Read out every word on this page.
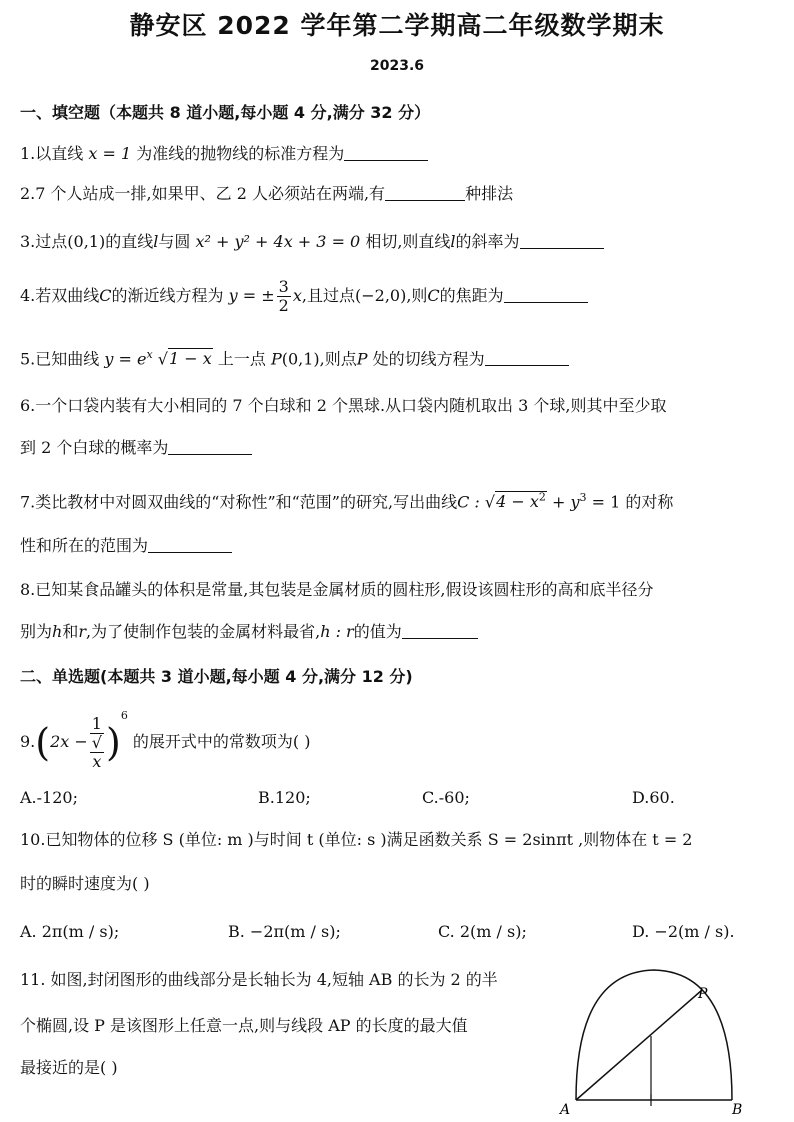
静安区 2022 学年第二学期高二年级数学期末
2023.6
一、填空题（本题共 8 道小题,每小题 4 分,满分 32 分）
1.以直线 x = 1 为准线的抛物线的标准方程为
2.7 个人站成一排,如果甲、乙 2 人必须站在两端,有	种排法
3.过点(0,1)的直线l与圆 x² + y² + 4x + 3 = 0 相切,则直线l的斜率为
4.若双曲线C的渐近线方程为 y = ± $\frac{3}{2} x$,且过点(−2,0),则C的焦距为
5.已知曲线 $y = e^x$ √1 − x 上一点 P(0,1),则点P 处的切线方程为
6.一个口袋内装有大小相同的 7 个白球和 2 个黑球.从口袋内随机取出 3 个球,则其中至少取
到 2 个白球的概率为
7.类比教材中对圆双曲线的“对称性”和“范围”的研究,写出曲线C : $√4 - x^2 + y^3 = 1$ 的对称
性和所在的范围为
8.已知某食品罐头的体积是常量,其包装是金属材质的圆柱形,假设该圆柱形的高和底半径分
别为h和r,为了使制作包装的金属材料最省,h : r的值为
二、单选题(本题共 3 道小题,每小题 4 分,满分 12 分)
9.(2x − 1
√
x )$^6$ 的展开式中的常数项为( )
A.-120;	B.120;	C.-60;	D.60.
10.已知物体的位移 S (单位: m )与时间 t (单位: s )满足函数关系 S = 2sinπt ,则物体在 t = 2
时的瞬时速度为( )
A. 2π(m / s);	B. −2π(m / s);	C. 2(m / s);	D. −2(m / s).
11. 如图,封闭图形的曲线部分是长轴长为 4,短轴 AB 的长为 2 的半
个椭圆,设 P 是该图形上任意一点,则与线段 AP 的长度的最大值
最接近的是( )
A	B
P
